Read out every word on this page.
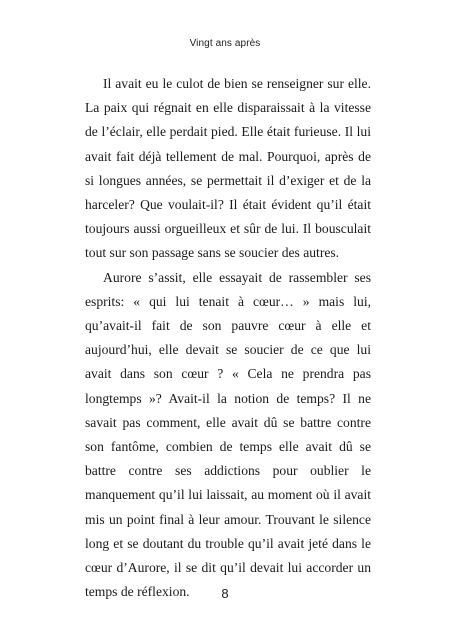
Vingt ans après

Il avait eu le culot de bien se renseigner sur elle. La paix qui régnait en elle disparaissait à la vitesse de l’éclair, elle perdait pied. Elle était furieuse. Il lui avait fait déjà tellement de mal. Pourquoi, après de si longues années, se permettait il d’exiger et de la harceler? Que voulait-il? Il était évident qu’il était toujours aussi orgueilleux et sûr de lui. Il bousculait tout sur son passage sans se soucier des autres.

Aurore s’assit, elle essayait de rassembler ses esprits: « qui lui tenait à cœur… » mais lui, qu’avait-il fait de son pauvre cœur à elle et aujourd’hui, elle devait se soucier de ce que lui avait dans son cœur ? « Cela ne prendra pas longtemps »? Avait-il la notion de temps? Il ne savait pas comment, elle avait dû se battre contre son fantôme, combien de temps elle avait dû se battre contre ses addictions pour oublier le manquement qu’il lui laissait, au moment où il avait mis un point final à leur amour. Trouvant le silence long et se doutant du trouble qu’il avait jeté dans le cœur d’Aurore, il se dit qu’il devait lui accorder un temps de réflexion.	8
